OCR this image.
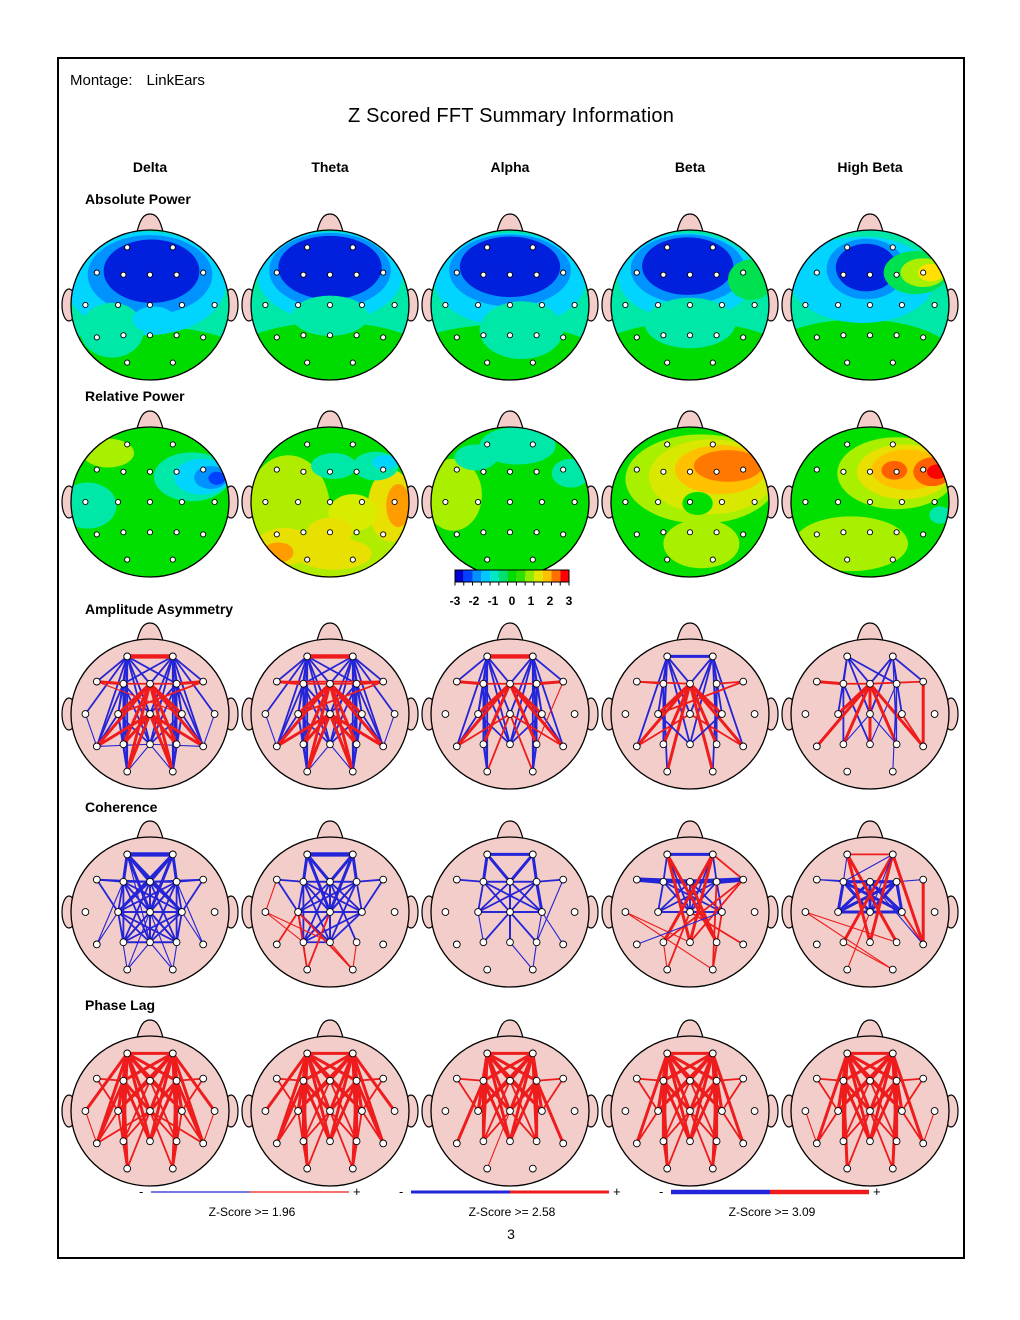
Montage: LinkEars
Z Scored FFT Summary Information
Delta	Theta	Alpha	Beta	High Beta
Absolute Power
Relative Power
Amplitude Asymmetry
Coherence
Phase Lag
-3 -2 -1 0 1 2 3
-	+
Z-Score >= 1.96
-	+
Z-Score >= 2.58
-	+
Z-Score >= 3.09
3
